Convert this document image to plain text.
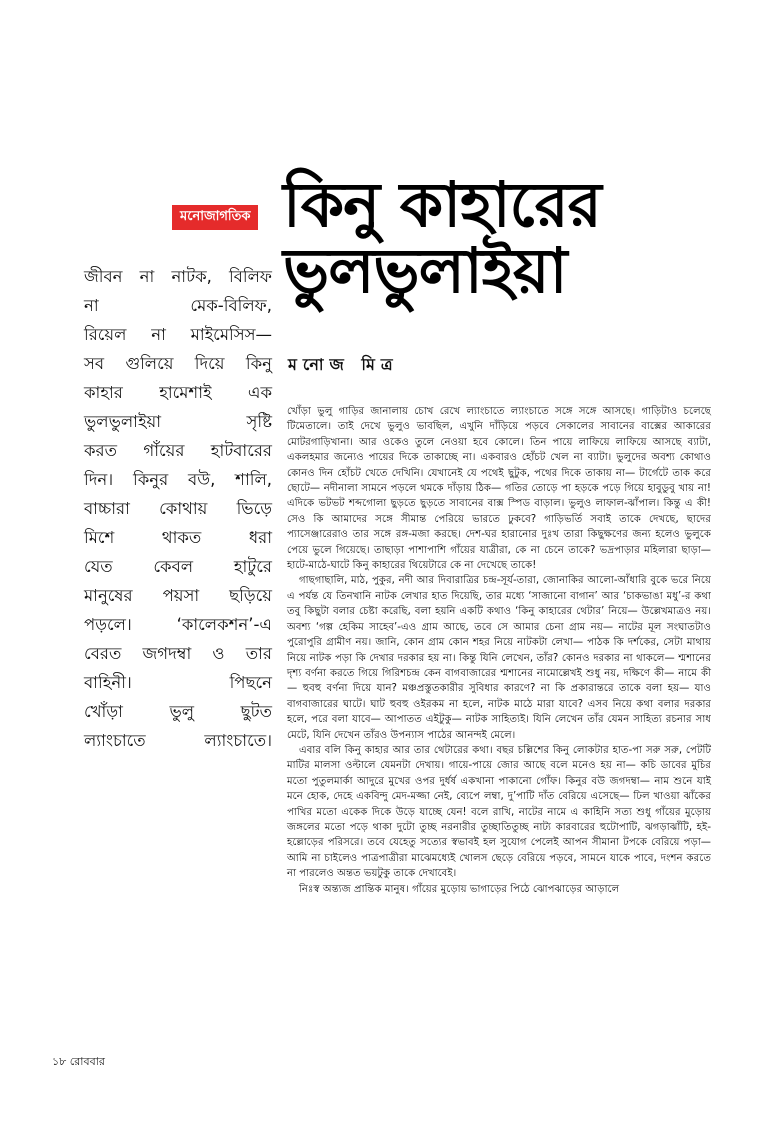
মনোজাগতিক কিনু কাহারের
ভুলভুলাইয়া
মনোজ মিত্র

জীবন না নাটক, বিলিফ
না মেক-বিলিফ,
রিয়েল না মাইমেসিস—
সব গুলিয়ে দিয়ে কিনু
কাহার হামেশাই এক
ভুলভুলাইয়া সৃষ্টি
করত গাঁয়ের হাটবারের
দিন। কিনুর বউ, শালি,
বাচ্চারা কোথায় ভিড়ে
মিশে থাকত ধরা
যেত কেবল হাটুরে
মানুষের পয়সা ছড়িয়ে
পড়লে। ‘কালেকশন’-এ
বেরত জগদম্বা ও তার
বাহিনী। পিছনে
খোঁড়া ভুলু ছুটত
ল্যাংচাতে ল্যাংচাতে।

খোঁড়া ভুলু গাড়ির জানালায় চোখ রেখে ল্যাংচাতে ল্যাংচাতে সঙ্গে সঙ্গে আসছে। গাড়িটাও চলেছে টিমেতালে। তাই দেখে ভুলুও ভাবছিল, এখুনি দাঁড়িয়ে পড়বে সেকালের সাবানের বাক্সের আকারের মোটরগাড়িখানা। আর ওকেও তুলে নেওয়া হবে কোলে। তিন পায়ে লাফিয়ে লাফিয়ে আসছে ব্যাটা, একলহমার জন্যেও পায়ের দিকে তাকাচ্ছে না। একবারও হোঁচট খেল না ব্যাটা। ভুলুদের অবশ্য কোথাও কোনও দিন হোঁচট খেতে দেখিনি। যেখানেই যে পথেই ছুটুক, পথের দিকে তাকায় না— টার্গেটে তাক করে ছোটে— নদীনালা সামনে পড়লে থমকে দাঁড়ায় ঠিক— গতির তোড়ে পা হড়কে পড়ে গিয়ে হাবুডুবু খায় না! এদিকে ভটভট শব্দগোলা ছুড়তে ছুড়তে সাবানের বাক্স স্পিড বাড়াল। ভুলুও লাফাল-ঝাঁপাল। কিন্তু এ কী! সেও কি আমাদের সঙ্গে সীমান্ত পেরিয়ে ভারতে ঢুকবে? গাড়িভর্তি সবাই তাকে দেখছে, ছাদের প্যাসেঞ্জারেরাও তার সঙ্গে রঙ্গ-মজা করছে। দেশ-ঘর হারানোর দুঃখ তারা কিছুক্ষণের জন্য হলেও ভুলুকে পেয়ে ভুলে গিয়েছে। তাছাড়া পাশাপাশি গাঁয়ের যাত্রীরা, কে না চেনে তাকে? ভদ্রপাড়ার মহিলারা ছাড়া— হাটে-মাঠে-ঘাটে কিনু কাহারের থিয়েটারে কে না দেখেছে তাকে!

গাছগাছালি, মাঠ, পুকুর, নদী আর দিবারাত্রির চন্দ্র-সূর্য-তারা, জোনাকির আলো-আঁধারি বুকে ভরে নিয়ে এ পর্যন্ত যে তিনখানি নাটক লেখার হাত দিয়েছি, তার মধ্যে ‘সাজানো বাগান’ আর ‘চাকভাঙা মধু’-র কথা তবু কিছুটা বলার চেষ্টা করেছি, বলা হয়নি একটি কথাও ‘কিনু কাহারের থেটার’ নিয়ে— উল্লেখমাত্রও নয়। অবশ্য ‘গল্প হেকিম সাহেব’-এও গ্রাম আছে, তবে সে আমার চেনা গ্রাম নয়— নাটের মূল সংঘাতটাও পুরোপুরি গ্রামীণ নয়। জানি, কোন গ্রাম কোন শহর নিয়ে নাটকটা লেখা— পাঠক কি দর্শকের, সেটা মাথায় নিয়ে নাটক পড়া কি দেখার দরকার হয় না। কিন্তু যিনি লেখেন, তাঁর? কোনও দরকার না থাকলে— শ্মশানের দৃশ্য বর্ণনা করতে গিয়ে গিরিশচন্দ্র কেন বাগবাজারের শ্মশানের নামোল্লেখই শুধু নয়, দক্ষিণে কী— নামে কী— হুবহু বর্ণনা দিয়ে যান? মঞ্চপ্রস্তুতকারীর সুবিধার কারণে? না কি প্রকারান্তরে তাকে বলা হয়— যাও বাগবাজারের ঘাটে। ঘাট হুবহু ওইরকম না হলে, নাটক মাঠে মারা যাবে? এসব নিয়ে কথা বলার দরকার হলে, পরে বলা যাবে— আপাতত এইটুকু— নাটক সাহিত্যই। যিনি লেখেন তাঁর যেমন সাহিত্য রচনার সাধ মেটে, যিনি দেখেন তাঁরও উপন্যাস পাঠের আনন্দই মেলে।

এবার বলি কিনু কাহার আর তার থেটারের কথা। বছর চল্লিশের কিনু লোকটার হাত-পা সরু সরু, পেটটি মাটির মালসা ওল্টালে যেমনটা দেখায়। গায়ে-পায়ে জোর আছে বলে মনেও হয় না— কচি ডাবের মুচির মতো পুতুলমার্কা আদুরে মুখের ওপর দুর্ধর্ষ একখানা পাকানো গোঁফ। কিনুর বউ জগদম্বা— নাম শুনে যাই মনে হোক, দেহে একবিন্দু মেদ-মজ্জা নেই, ব্যেপে লম্বা, দু’পাটি দাঁত বেরিয়ে এসেছে— ঢিল খাওয়া ঝাঁকের পাখির মতো একেক দিকে উড়ে যাচ্ছে যেন! বলে রাখি, নাটের নামে এ কাহিনি সত্য শুধু গাঁয়ের মুড়োয় জঙ্গলের মতো পড়ে থাকা দুটো তুচ্ছ নরনারীর তুচ্ছাতিতুচ্ছ নাট্য কারবারের হুটোপাটি, ঝগড়াঝাঁটি, হই-হল্লোড়ের পরিসরে। তবে যেহেতু সত্যের স্বভাবই হল সুযোগ পেলেই আপন সীমানা টপকে বেরিয়ে পড়া— আমি না চাইলেও পাত্রপাত্রীরা মাঝেমধ্যেই খোলস ছেড়ে বেরিয়ে পড়বে, সামনে যাকে পাবে, দংশন করতে না পারলেও অন্তত ভয়টুকু তাকে দেখাবেই।

নিঃস্ব অন্ত্যজ প্রান্তিক মানুষ। গাঁয়ের মুড়োয় ভাগাড়ের পিঠে ঝোপঝাড়ের আড়ালে

১৮ রোববার
